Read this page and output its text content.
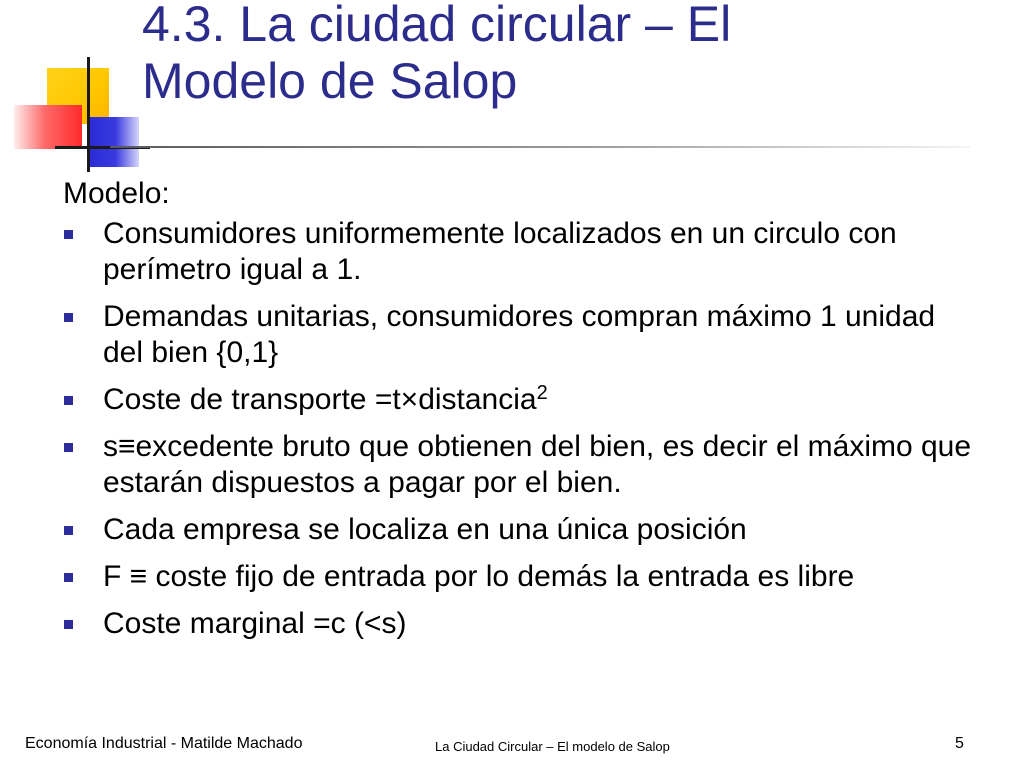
4.3. La ciudad circular – El
Modelo de Salop
Modelo:
Consumidores uniformemente localizados en un circulo con perímetro igual a 1.
Demandas unitarias, consumidores compran máximo 1 unidad del bien {0,1}
Coste de transporte =t×distancia$^2$
s≡excedente bruto que obtienen del bien, es decir el máximo que estarán dispuestos a pagar por el bien.
Cada empresa se localiza en una única posición
F ≡ coste fijo de entrada por lo demás la entrada es libre
Coste marginal =c (<s)
Economía Industrial - Matilde Machado	La Ciudad Circular – El modelo de Salop	5
